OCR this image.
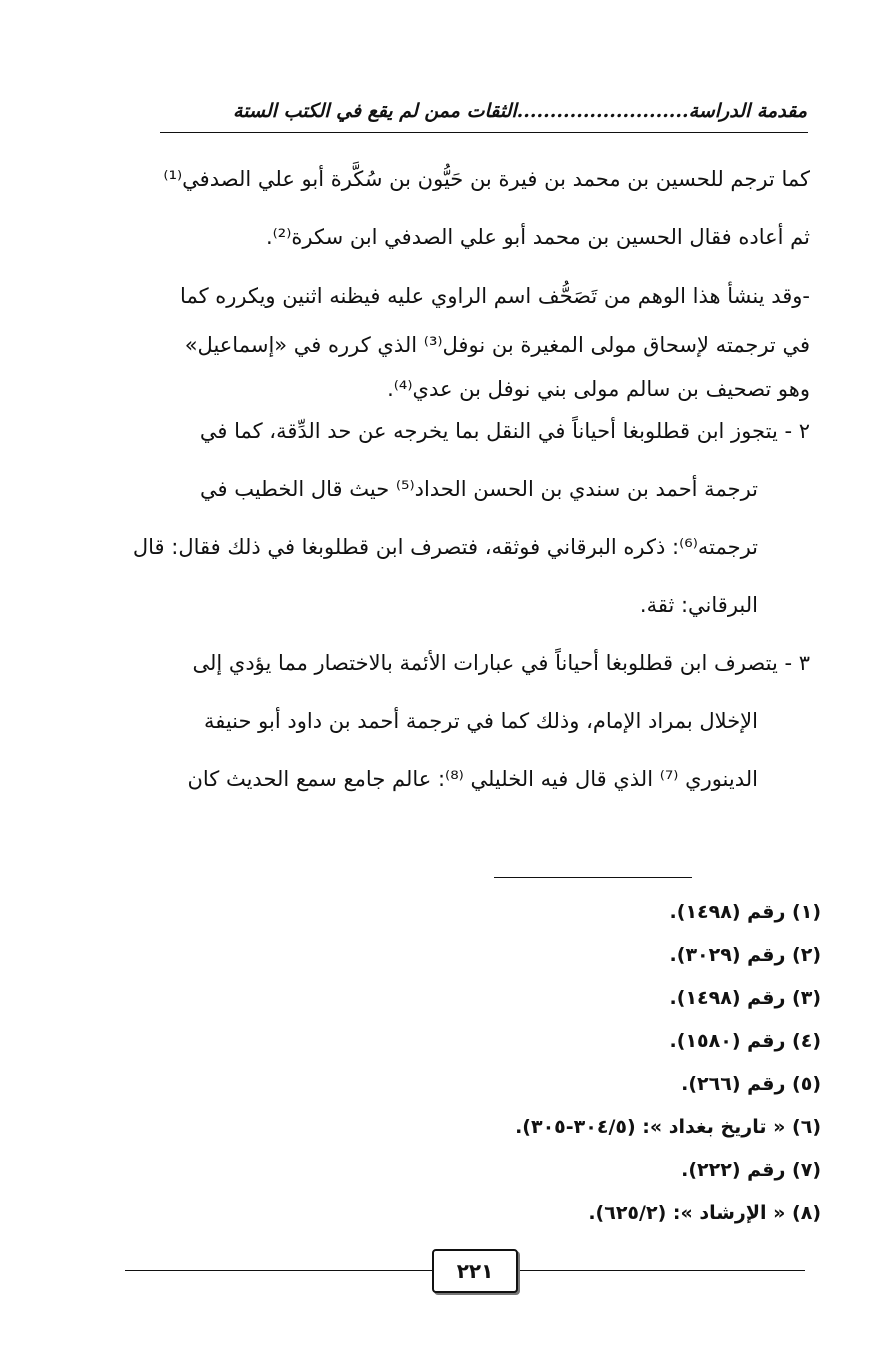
مقدمة الدراسة..........................الثقات ممن لم يقع في الكتب الستة
كما ترجم للحسين بن محمد بن فيرة بن حَيُّون بن سُكَّرة أبو علي الصدفي⁽¹⁾
ثم أعاده فقال الحسين بن محمد أبو علي الصدفي ابن سكرة⁽²⁾.
-وقد ينشأ هذا الوهم من تَصَحُّف اسم الراوي عليه فيظنه اثنين ويكرره كما
في ترجمته لإسحاق مولى المغيرة بن نوفل⁽³⁾ الذي كرره في «إسماعيل»
وهو تصحيف بن سالم مولى بني نوفل بن عدي⁽⁴⁾.
٢ - يتجوز ابن قطلوبغا أحياناً في النقل بما يخرجه عن حد الدِّقة، كما في
ترجمة أحمد بن سندي بن الحسن الحداد⁽⁵⁾ حيث قال الخطيب في
ترجمته⁽⁶⁾: ذكره البرقاني فوثقه، فتصرف ابن قطلوبغا في ذلك فقال: قال
البرقاني: ثقة.
٣ - يتصرف ابن قطلوبغا أحياناً في عبارات الأئمة بالاختصار مما يؤدي إلى
الإخلال بمراد الإمام، وذلك كما في ترجمة أحمد بن داود أبو حنيفة
الدينوري ⁽⁷⁾ الذي قال فيه الخليلي ⁽⁸⁾: عالم جامع سمع الحديث كان
(١) رقم (١٤٩٨).
(٢) رقم (٣٠٢٩).
(٣) رقم (١٤٩٨).
(٤) رقم (١٥٨٠).
(٥) رقم (٢٦٦).
(٦) « تاريخ بغداد »: (٣٠٤/٥-٣٠٥).
(٧) رقم (٢٢٢).
(٨) « الإرشاد »: (٦٢٥/٢).
٢٢١
